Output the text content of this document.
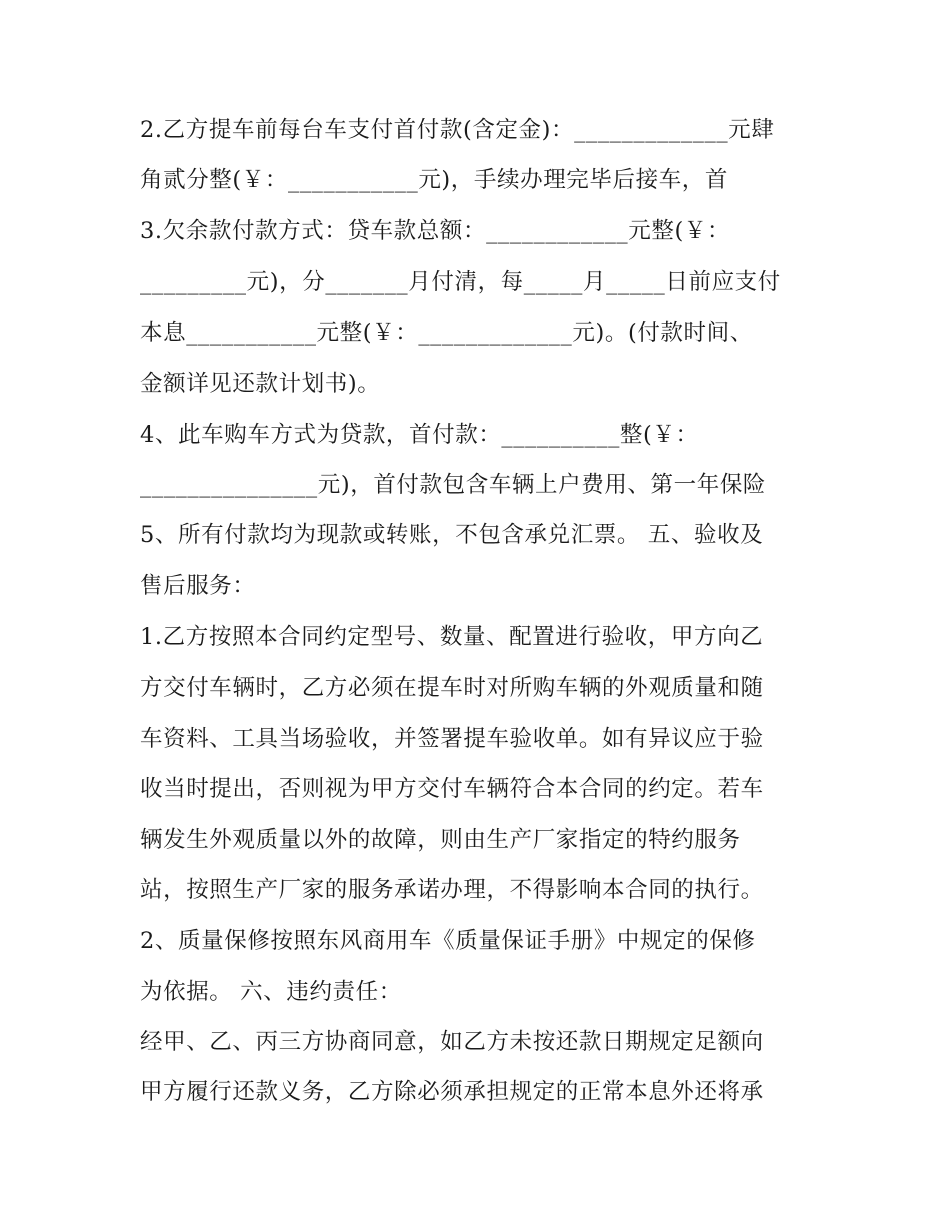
2.乙方提车前每台车支付首付款(含定金)：_____________元肆
角贰分整(￥：___________元)，手续办理完毕后接车，首
3.欠余款付款方式：贷车款总额：____________元整(￥：
_________元)，分_______月付清，每_____月_____日前应支付
本息___________元整(￥：_____________元)。(付款时间、
金额详见还款计划书)。
4、此车购车方式为贷款，首付款：__________整(￥：
_______________元)，首付款包含车辆上户费用、第一年保险
5、所有付款均为现款或转账，不包含承兑汇票。 五、验收及
售后服务：
1.乙方按照本合同约定型号、数量、配置进行验收，甲方向乙
方交付车辆时，乙方必须在提车时对所购车辆的外观质量和随
车资料、工具当场验收，并签署提车验收单。如有异议应于验
收当时提出，否则视为甲方交付车辆符合本合同的约定。若车
辆发生外观质量以外的故障，则由生产厂家指定的特约服务
站，按照生产厂家的服务承诺办理，不得影响本合同的执行。
2、质量保修按照东风商用车《质量保证手册》中规定的保修
为依据。 六、违约责任：
经甲、乙、丙三方协商同意，如乙方未按还款日期规定足额向
甲方履行还款义务，乙方除必须承担规定的正常本息外还将承
